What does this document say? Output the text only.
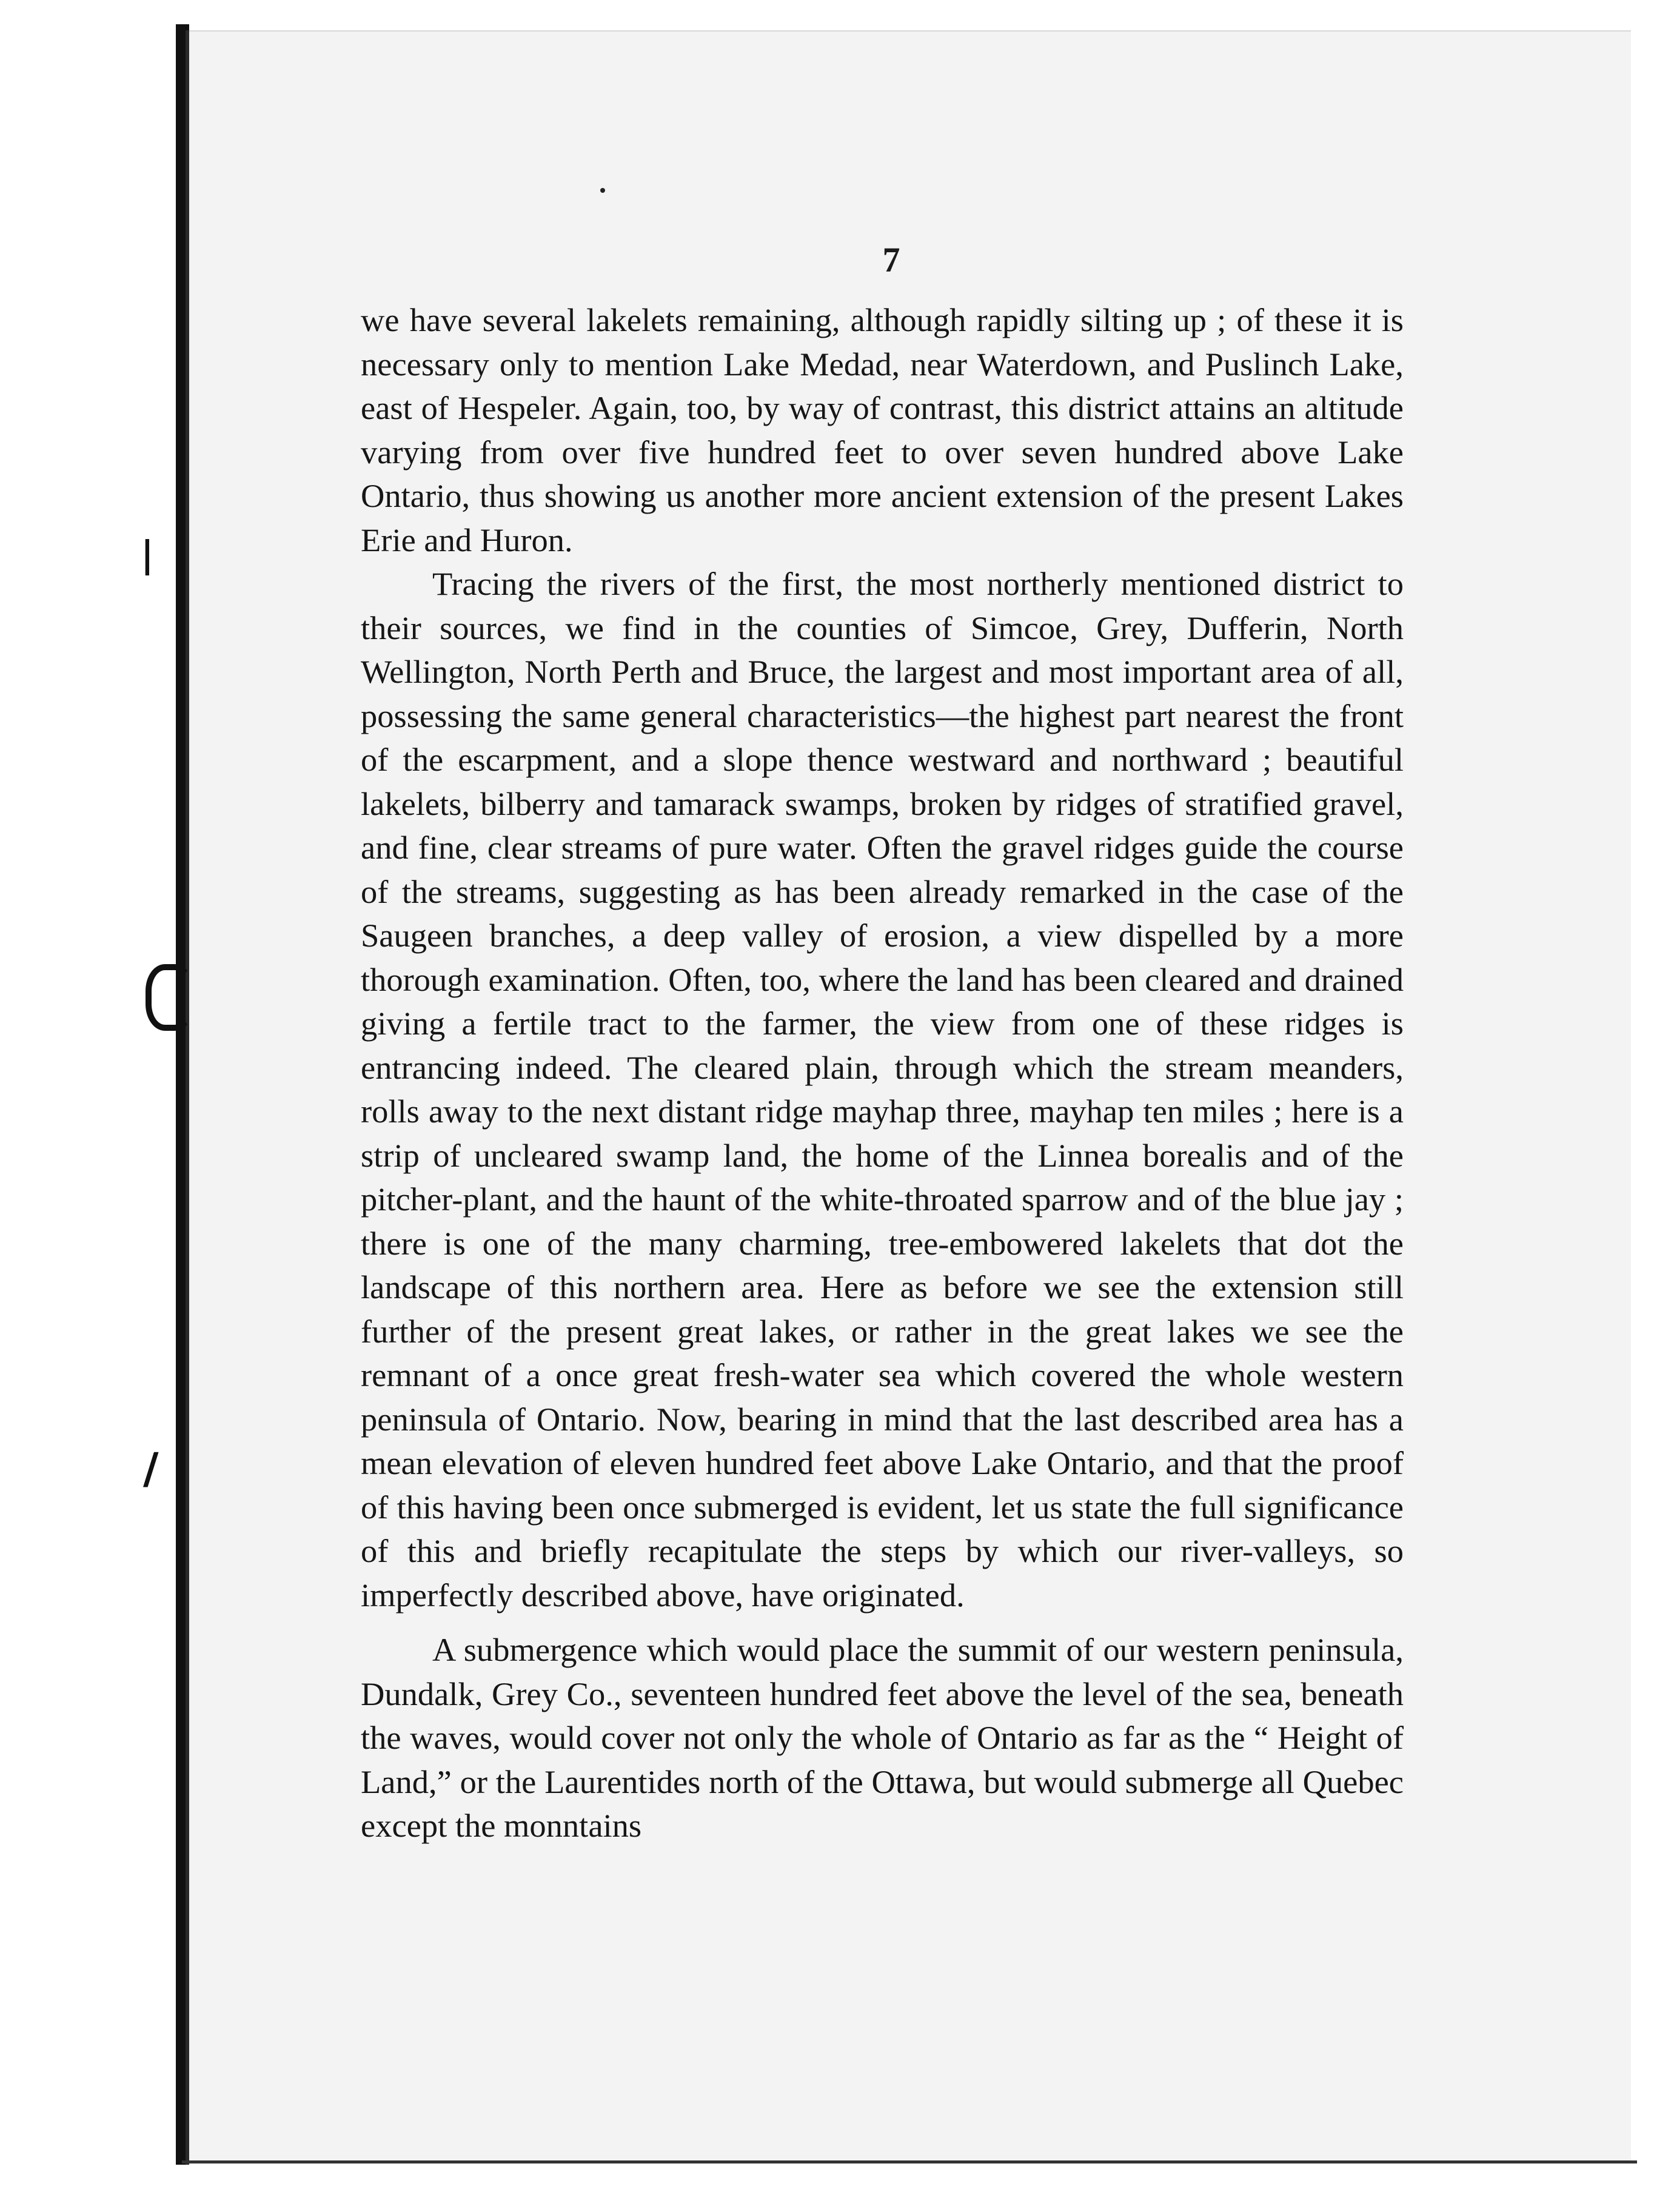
|
/
7

we have several lakelets remaining, although rapidly silting up ; of these it is necessary only to mention Lake Medad, near Waterdown, and Puslinch Lake, east of Hespeler. Again, too, by way of contrast, this district attains an altitude varying from over five hundred feet to over seven hundred above Lake Ontario, thus showing us another more ancient extension of the present Lakes Erie and Huron.

Tracing the rivers of the first, the most northerly mentioned district to their sources, we find in the counties of Simcoe, Grey, Dufferin, North Wellington, North Perth and Bruce, the largest and most important area of all, possessing the same general characteristics—the highest part nearest the front of the escarpment, and a slope thence westward and northward ; beautiful lakelets, bilberry and tamarack swamps, broken by ridges of stratified gravel, and fine, clear streams of pure water. Often the gravel ridges guide the course of the streams, suggesting as has been already remarked in the case of the Saugeen branches, a deep valley of erosion, a view dispelled by a more thorough examination. Often, too, where the land has been cleared and drained giving a fertile tract to the farmer, the view from one of these ridges is entrancing indeed. The cleared plain, through which the stream meanders, rolls away to the next distant ridge mayhap three, mayhap ten miles ; here is a strip of uncleared swamp land, the home of the Linnea borealis and of the pitcher-plant, and the haunt of the white-throated sparrow and of the blue jay ; there is one of the many charming, tree-embowered lakelets that dot the landscape of this northern area. Here as before we see the extension still further of the present great lakes, or rather in the great lakes we see the remnant of a once great fresh-water sea which covered the whole western peninsula of Ontario. Now, bearing in mind that the last described area has a mean elevation of eleven hundred feet above Lake Ontario, and that the proof of this having been once submerged is evident, let us state the full significance of this and briefly recapitulate the steps by which our river-valleys, so imperfectly described above, have originated.

A submergence which would place the summit of our western peninsula, Dundalk, Grey Co., seventeen hundred feet above the level of the sea, beneath the waves, would cover not only the whole of Ontario as far as the “ Height of Land,” or the Laurentides north of the Ottawa, but would submerge all Quebec except the monntains
